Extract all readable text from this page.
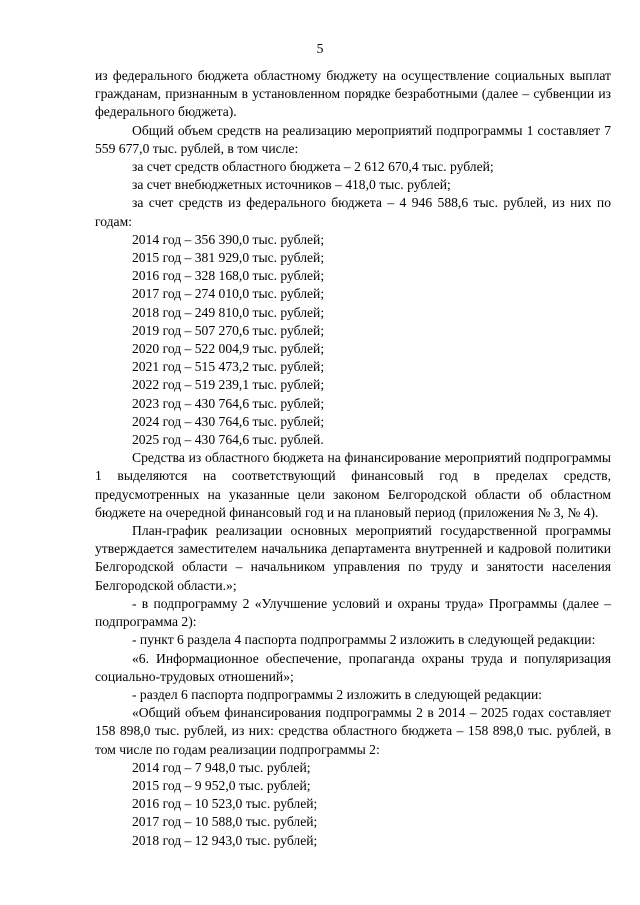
5

из федерального бюджета областному бюджету на осуществление социальных выплат гражданам, признанным в установленном порядке безработными (далее – субвенции из федерального бюджета).

Общий объем средств на реализацию мероприятий подпрограммы 1 составляет 7 559 677,0 тыс. рублей, в том числе:

за счет средств областного бюджета – 2 612 670,4 тыс. рублей;

за счет внебюджетных источников – 418,0 тыс. рублей;

за счет средств из федерального бюджета – 4 946 588,6 тыс. рублей, из них по годам:

2014 год – 356 390,0 тыс. рублей;
2015 год – 381 929,0 тыс. рублей;
2016 год – 328 168,0 тыс. рублей;
2017 год – 274 010,0 тыс. рублей;
2018 год – 249 810,0 тыс. рублей;
2019 год – 507 270,6 тыс. рублей;
2020 год – 522 004,9 тыс. рублей;
2021 год – 515 473,2 тыс. рублей;
2022 год – 519 239,1 тыс. рублей;
2023 год – 430 764,6 тыс. рублей;
2024 год – 430 764,6 тыс. рублей;
2025 год – 430 764,6 тыс. рублей.

Средства из областного бюджета на финансирование мероприятий подпрограммы 1 выделяются на соответствующий финансовый год в пределах средств, предусмотренных на указанные цели законом Белгородской области об областном бюджете на очередной финансовый год и на плановый период (приложения № 3, № 4).

План-график реализации основных мероприятий государственной программы утверждается заместителем начальника департамента внутренней и кадровой политики Белгородской области – начальником управления по труду и занятости населения Белгородской области.»;

- в подпрограмму 2 «Улучшение условий и охраны труда» Программы (далее – подпрограмма 2):

- пункт 6 раздела 4 паспорта подпрограммы 2 изложить в следующей редакции:

«6. Информационное обеспечение, пропаганда охраны труда и популяризация социально-трудовых отношений»;

- раздел 6 паспорта подпрограммы 2 изложить в следующей редакции:

«Общий объем финансирования подпрограммы 2 в 2014 – 2025 годах составляет 158 898,0 тыс. рублей, из них: средства областного бюджета – 158 898,0 тыс. рублей, в том числе по годам реализации подпрограммы 2:

2014 год – 7 948,0 тыс. рублей;
2015 год – 9 952,0 тыс. рублей;
2016 год – 10 523,0 тыс. рублей;
2017 год – 10 588,0 тыс. рублей;
2018 год – 12 943,0 тыс. рублей;
